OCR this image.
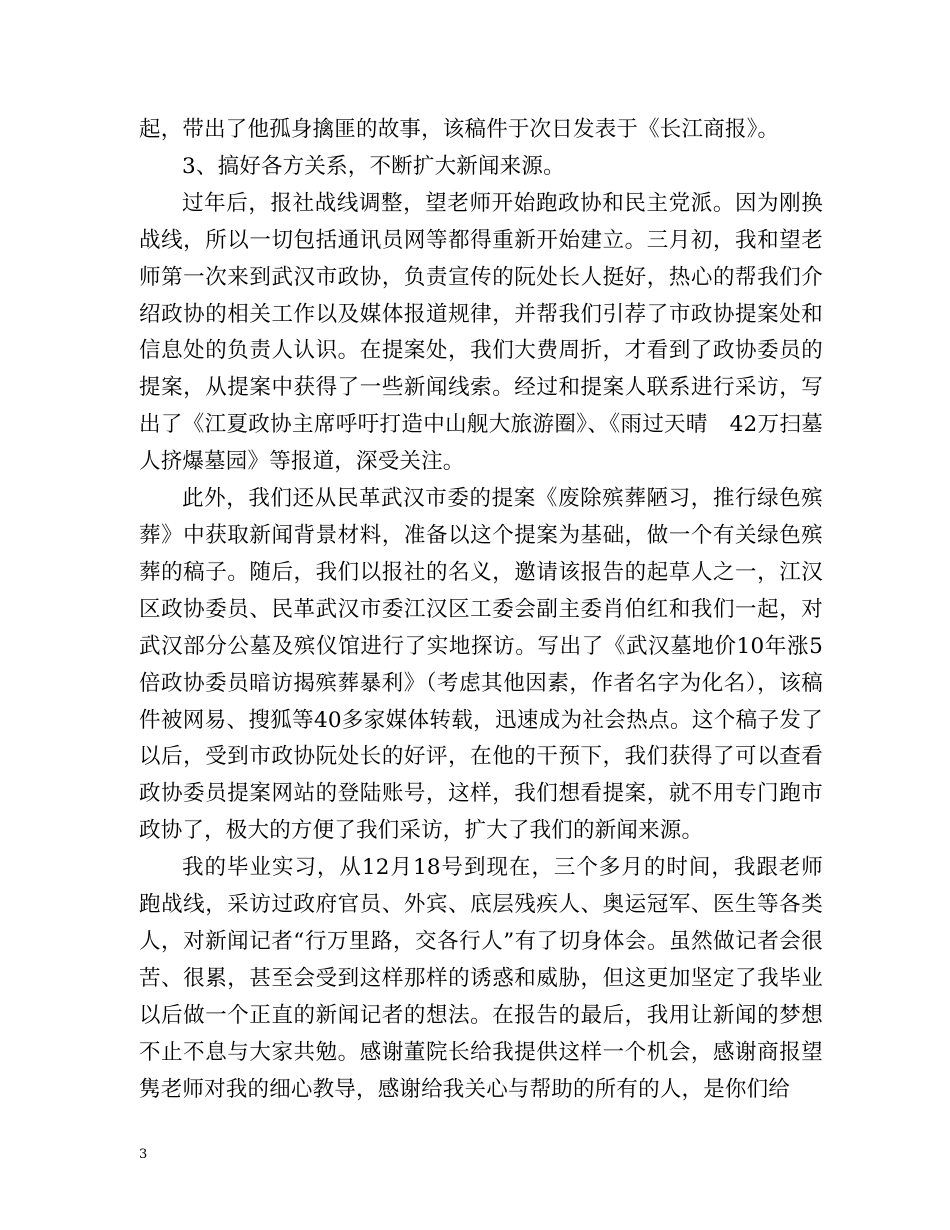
起，带出了他孤身擒匪的故事，该稿件于次日发表于《长江商报》。

3、搞好各方关系，不断扩大新闻来源。

过年后，报社战线调整，望老师开始跑政协和民主党派。因为刚换战线，所以一切包括通讯员网等都得重新开始建立。三月初，我和望老师第一次来到武汉市政协，负责宣传的阮处长人挺好，热心的帮我们介绍政协的相关工作以及媒体报道规律，并帮我们引荐了市政协提案处和信息处的负责人认识。在提案处，我们大费周折，才看到了政协委员的提案，从提案中获得了一些新闻线索。经过和提案人联系进行采访，写出了《江夏政协主席呼吁打造中山舰大旅游圈》、《雨过天晴　42万扫墓人挤爆墓园》等报道，深受关注。

此外，我们还从民革武汉市委的提案《废除殡葬陋习，推行绿色殡葬》中获取新闻背景材料，准备以这个提案为基础，做一个有关绿色殡葬的稿子。随后，我们以报社的名义，邀请该报告的起草人之一，江汉区政协委员、民革武汉市委江汉区工委会副主委肖伯红和我们一起，对武汉部分公墓及殡仪馆进行了实地探访。写出了《武汉墓地价10年涨5倍政协委员暗访揭殡葬暴利》（考虑其他因素，作者名字为化名），该稿件被网易、搜狐等40多家媒体转载，迅速成为社会热点。这个稿子发了以后，受到市政协阮处长的好评，在他的干预下，我们获得了可以查看政协委员提案网站的登陆账号，这样，我们想看提案，就不用专门跑市政协了，极大的方便了我们采访，扩大了我们的新闻来源。

我的毕业实习，从12月18号到现在，三个多月的时间，我跟老师跑战线，采访过政府官员、外宾、底层残疾人、奥运冠军、医生等各类人，对新闻记者“行万里路，交各行人”有了切身体会。虽然做记者会很苦、很累，甚至会受到这样那样的诱惑和威胁，但这更加坚定了我毕业以后做一个正直的新闻记者的想法。在报告的最后，我用让新闻的梦想不止不息与大家共勉。感谢董院长给我提供这样一个机会，感谢商报望隽老师对我的细心教导，感谢给我关心与帮助的所有的人，是你们给

3
